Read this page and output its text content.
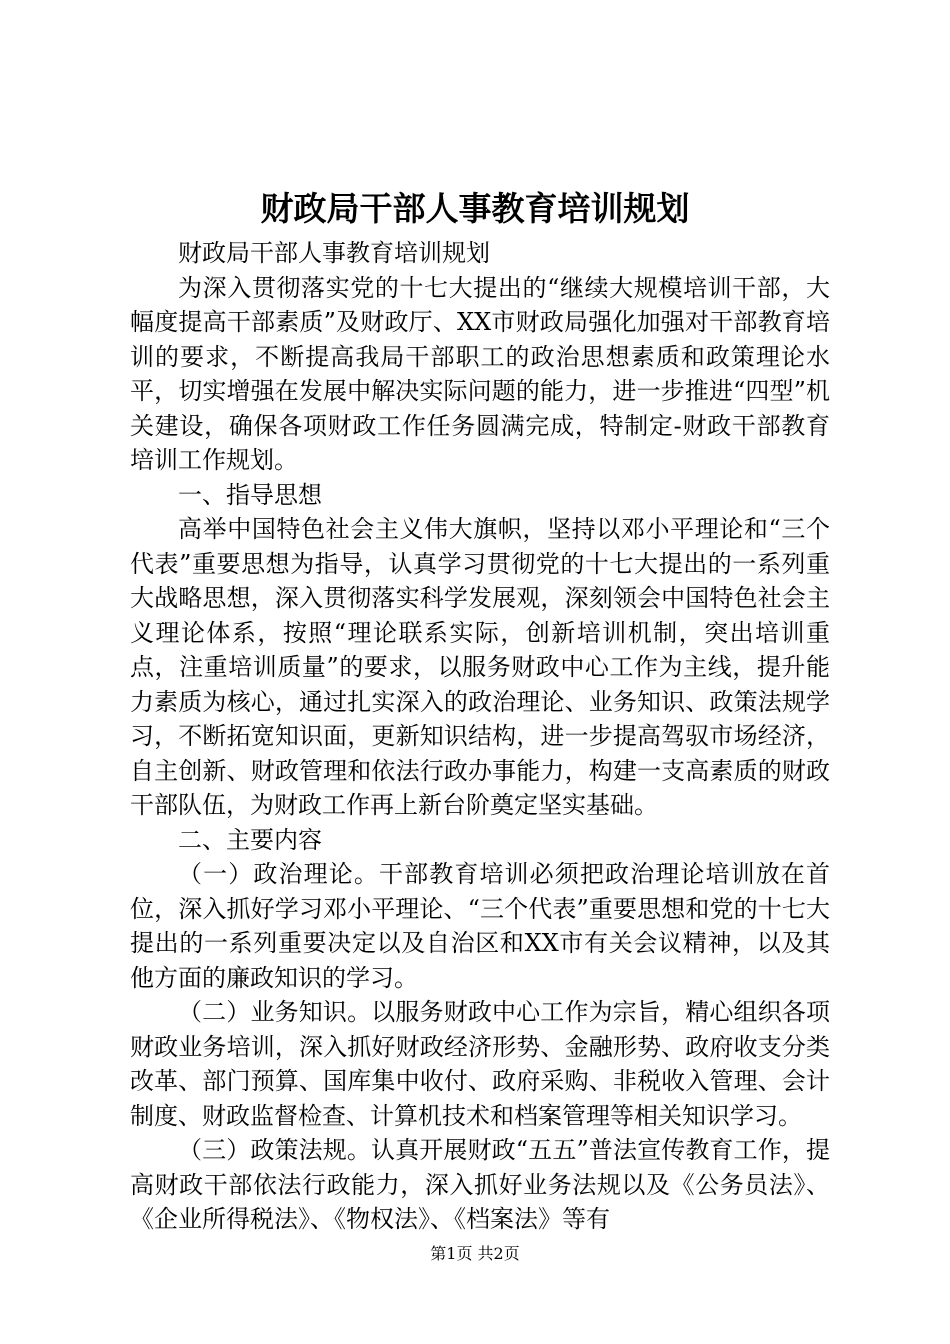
财政局干部人事教育培训规划

财政局干部人事教育培训规划

为深入贯彻落实党的十七大提出的“继续大规模培训干部，大幅度提高干部素质”及财政厅、XX市财政局强化加强对干部教育培训的要求，不断提高我局干部职工的政治思想素质和政策理论水平，切实增强在发展中解决实际问题的能力，进一步推进“四型”机关建设，确保各项财政工作任务圆满完成，特制定-财政干部教育培训工作规划。

一、指导思想

高举中国特色社会主义伟大旗帜，坚持以邓小平理论和“三个代表”重要思想为指导，认真学习贯彻党的十七大提出的一系列重大战略思想，深入贯彻落实科学发展观，深刻领会中国特色社会主义理论体系，按照“理论联系实际，创新培训机制，突出培训重点，注重培训质量”的要求，以服务财政中心工作为主线，提升能力素质为核心，通过扎实深入的政治理论、业务知识、政策法规学习，不断拓宽知识面，更新知识结构，进一步提高驾驭市场经济，自主创新、财政管理和依法行政办事能力，构建一支高素质的财政干部队伍，为财政工作再上新台阶奠定坚实基础。

二、主要内容

（一）政治理论。干部教育培训必须把政治理论培训放在首位，深入抓好学习邓小平理论、“三个代表”重要思想和党的十七大提出的一系列重要决定以及自治区和XX市有关会议精神，以及其他方面的廉政知识的学习。

（二）业务知识。以服务财政中心工作为宗旨，精心组织各项财政业务培训，深入抓好财政经济形势、金融形势、政府收支分类改革、部门预算、国库集中收付、政府采购、非税收入管理、会计制度、财政监督检查、计算机技术和档案管理等相关知识学习。

（三）政策法规。认真开展财政“五五”普法宣传教育工作，提高财政干部依法行政能力，深入抓好业务法规以及《公务员法》、《企业所得税法》、《物权法》、《档案法》等有

第1页 共2页
